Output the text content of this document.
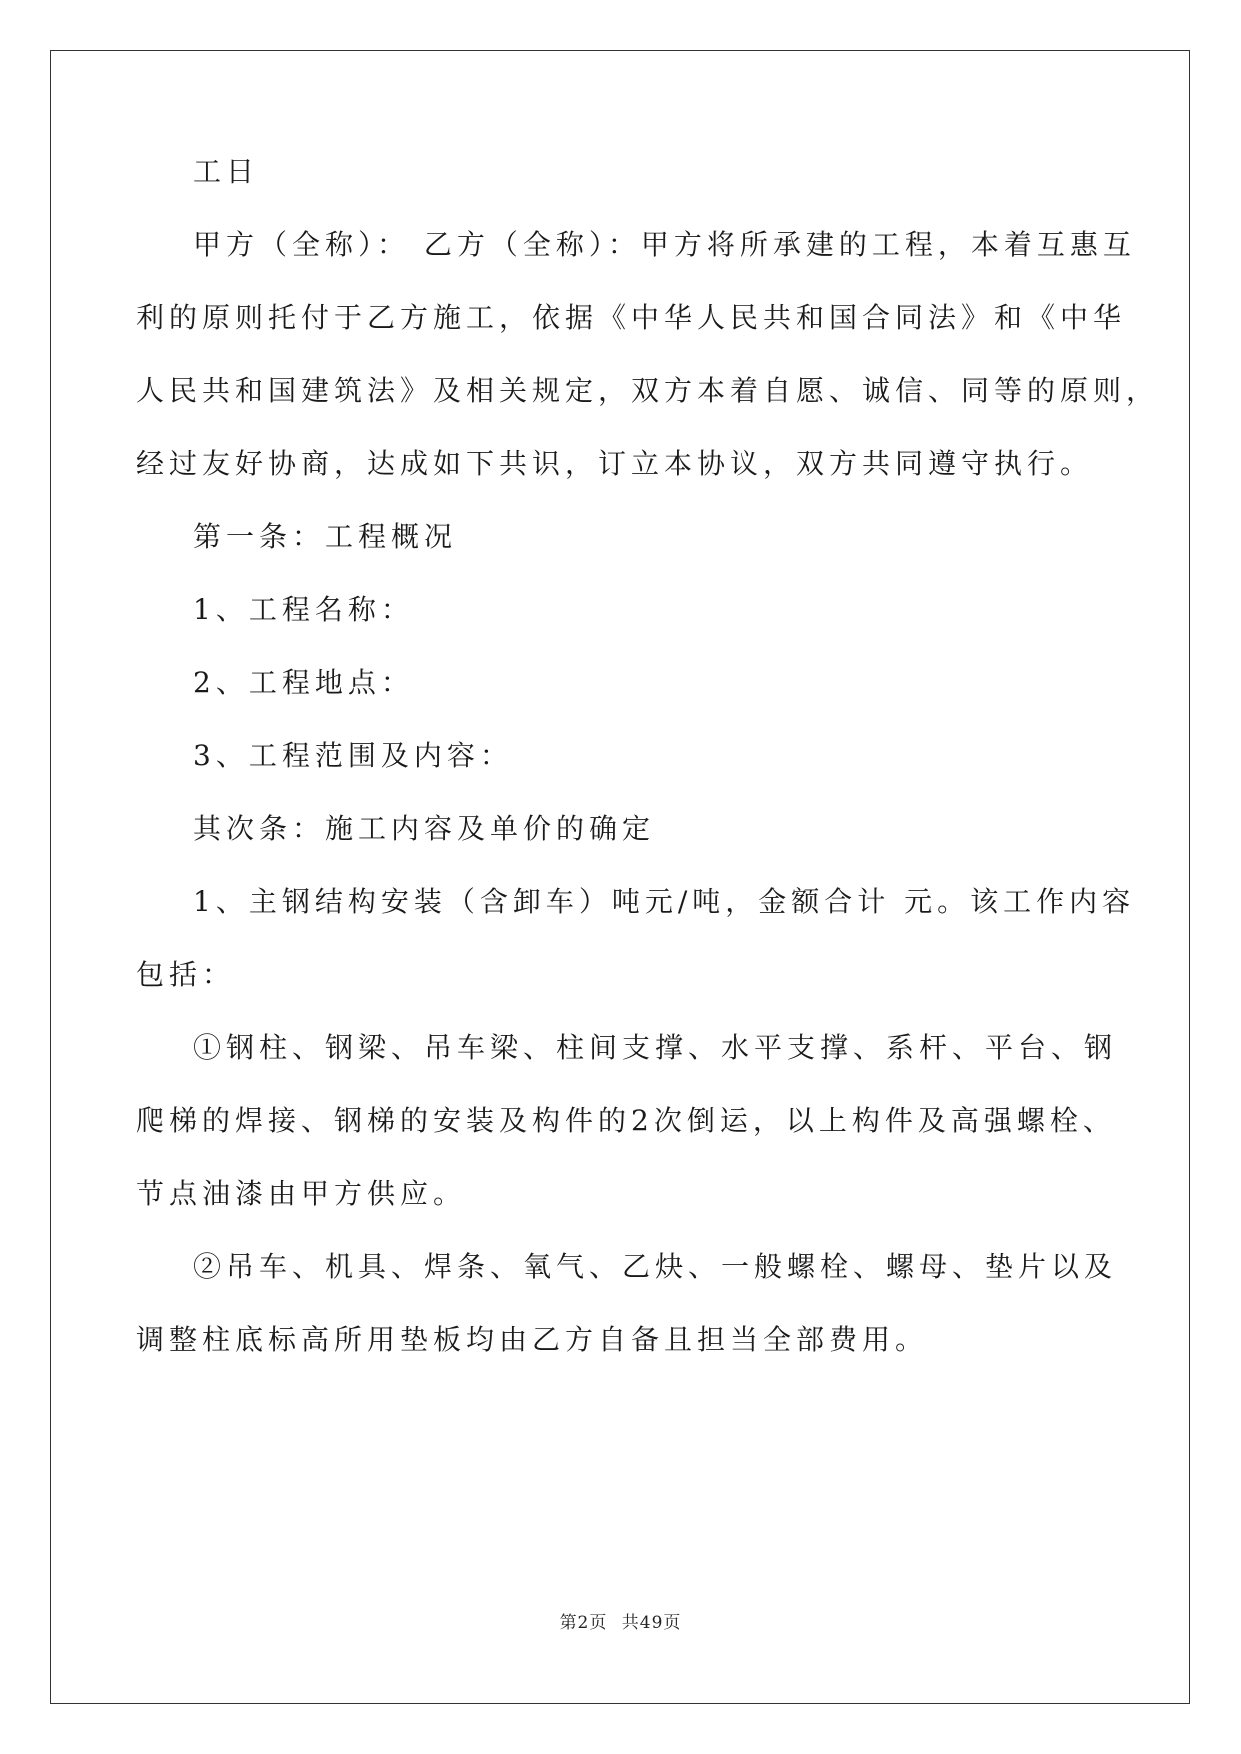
工日

甲方（全称）： 乙方（全称）：甲方将所承建的工程，本着互惠互

利的原则托付于乙方施工，依据《中华人民共和国合同法》和《中华

人民共和国建筑法》及相关规定，双方本着自愿、诚信、同等的原则，

经过友好协商，达成如下共识，订立本协议，双方共同遵守执行。

第一条：工程概况

1、工程名称：

2、工程地点：

3、工程范围及内容：

其次条：施工内容及单价的确定

1、主钢结构安装（含卸车）吨元/吨，金额合计 元。该工作内容

包括：

①钢柱、钢梁、吊车梁、柱间支撑、水平支撑、系杆、平台、钢

爬梯的焊接、钢梯的安装及构件的2次倒运，以上构件及高强螺栓、

节点油漆由甲方供应。

②吊车、机具、焊条、氧气、乙炔、一般螺栓、螺母、垫片以及

调整柱底标高所用垫板均由乙方自备且担当全部费用。

第2页 共49页
